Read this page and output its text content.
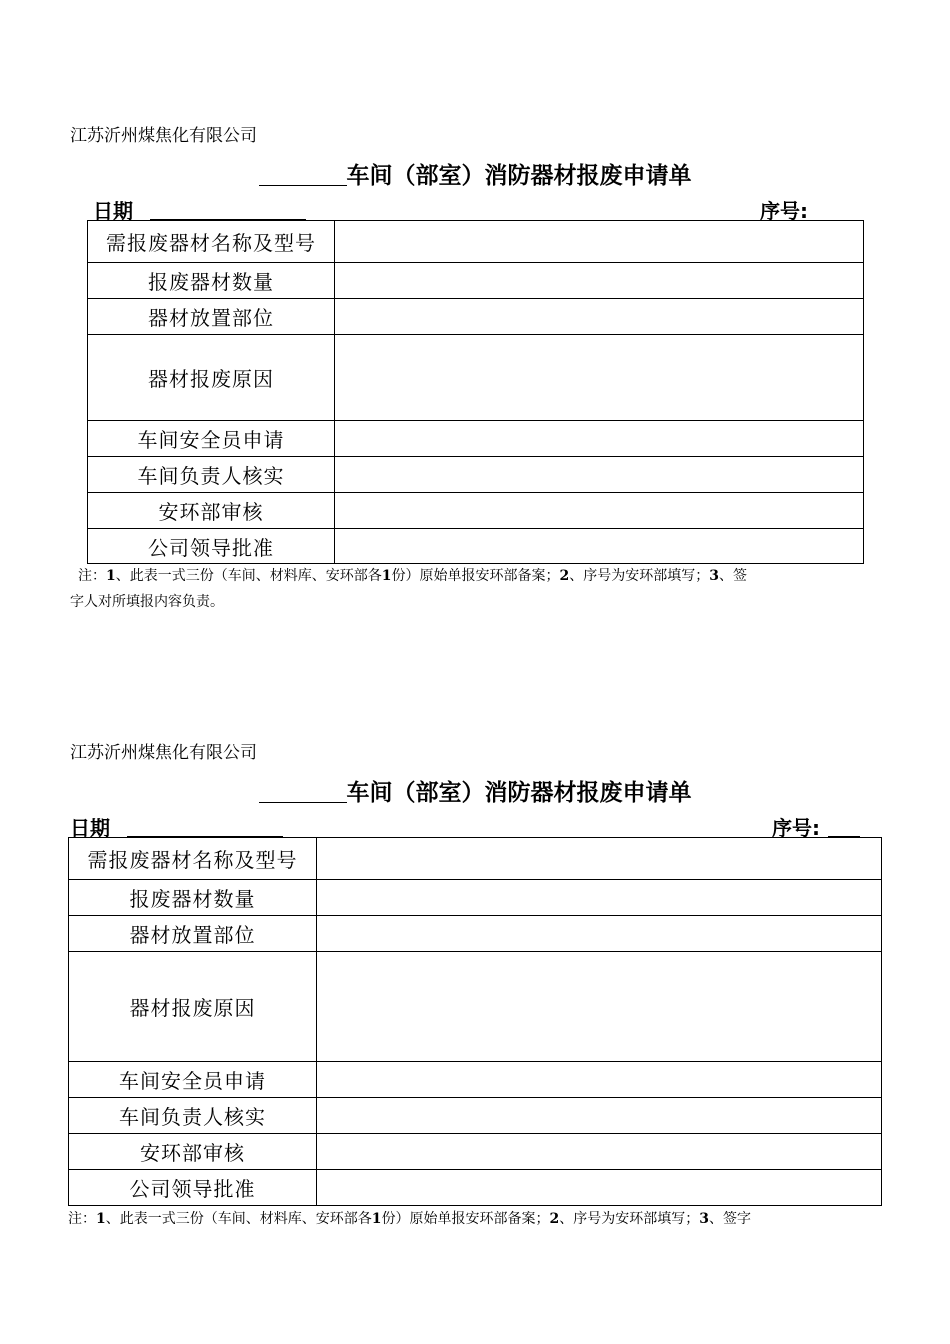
江苏沂州煤焦化有限公司
车间（部室）消防器材报废申请单
日期	序号:
需报废器材名称及型号	
报废器材数量	
器材放置部位	
器材报废原因	
车间安全员申请	
车间负责人核实	
安环部审核	
公司领导批准	
注：1、此表一式三份（车间、材料库、安环部各1份）原始单报安环部备案；2、序号为安环部填写；3、签
字人对所填报内容负责。
江苏沂州煤焦化有限公司
车间（部室）消防器材报废申请单
日期	序号:
需报废器材名称及型号	
报废器材数量	
器材放置部位	
器材报废原因	
车间安全员申请	
车间负责人核实	
安环部审核	
公司领导批准	
注：1、此表一式三份（车间、材料库、安环部各1份）原始单报安环部备案；2、序号为安环部填写；3、签字
